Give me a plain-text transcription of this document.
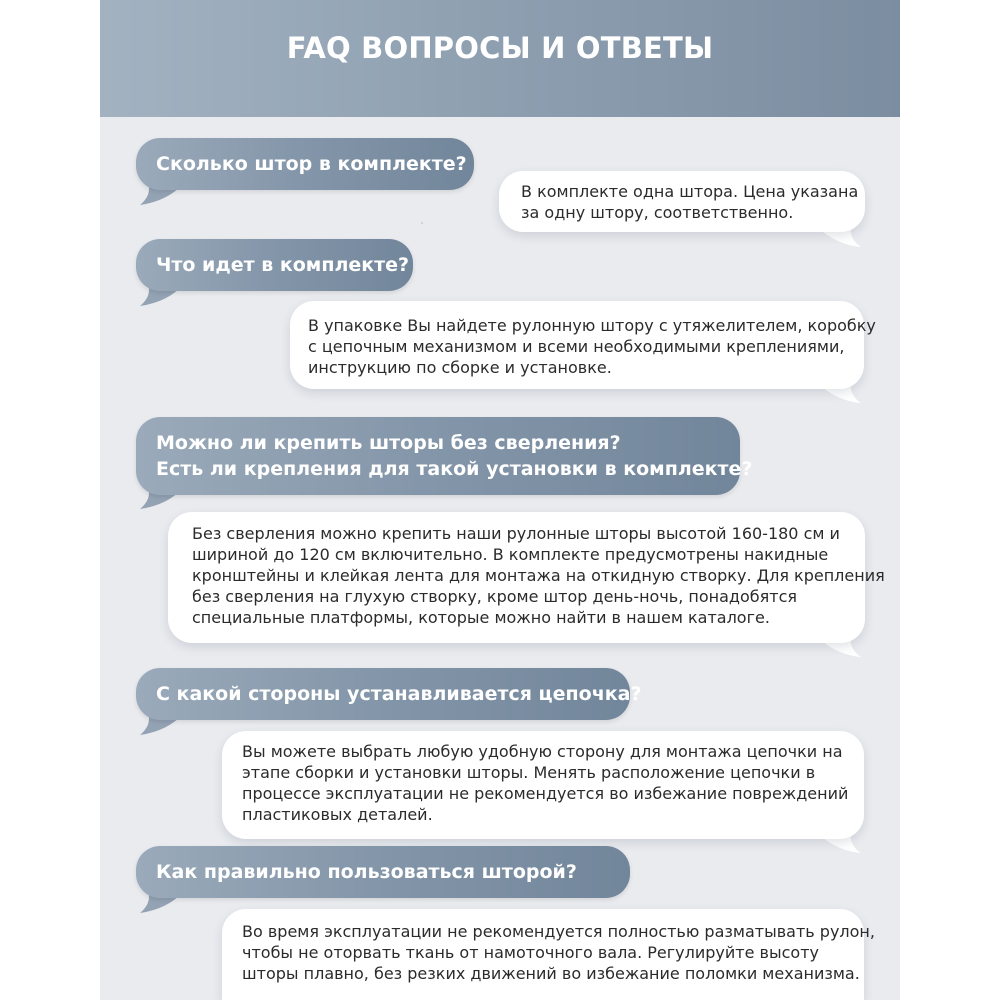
FAQ ВОПРОСЫ И ОТВЕТЫ
Сколько штор в комплекте?
В комплекте одна штора. Цена указана
за одну штору, соответственно.
Что идет в комплекте?
В упаковке Вы найдете рулонную штору с утяжелителем, коробку
с цепочным механизмом и всеми необходимыми креплениями,
инструкцию по сборке и установке.
Можно ли крепить шторы без сверления?
Есть ли крепления для такой установки в комплекте?
Без сверления можно крепить наши рулонные шторы высотой 160-180 см и
шириной до 120 см включительно. В комплекте предусмотрены накидные
кронштейны и клейкая лента для монтажа на откидную створку. Для крепления
без сверления на глухую створку, кроме штор день-ночь, понадобятся
специальные платформы, которые можно найти в нашем каталоге.
С какой стороны устанавливается цепочка?
Вы можете выбрать любую удобную сторону для монтажа цепочки на
этапе сборки и установки шторы. Менять расположение цепочки в
процессе эксплуатации не рекомендуется во избежание повреждений
пластиковых деталей.
Как правильно пользоваться шторой?
Во время эксплуатации не рекомендуется полностью разматывать рулон,
чтобы не оторвать ткань от намоточного вала. Регулируйте высоту
шторы плавно, без резких движений во избежание поломки механизма.
